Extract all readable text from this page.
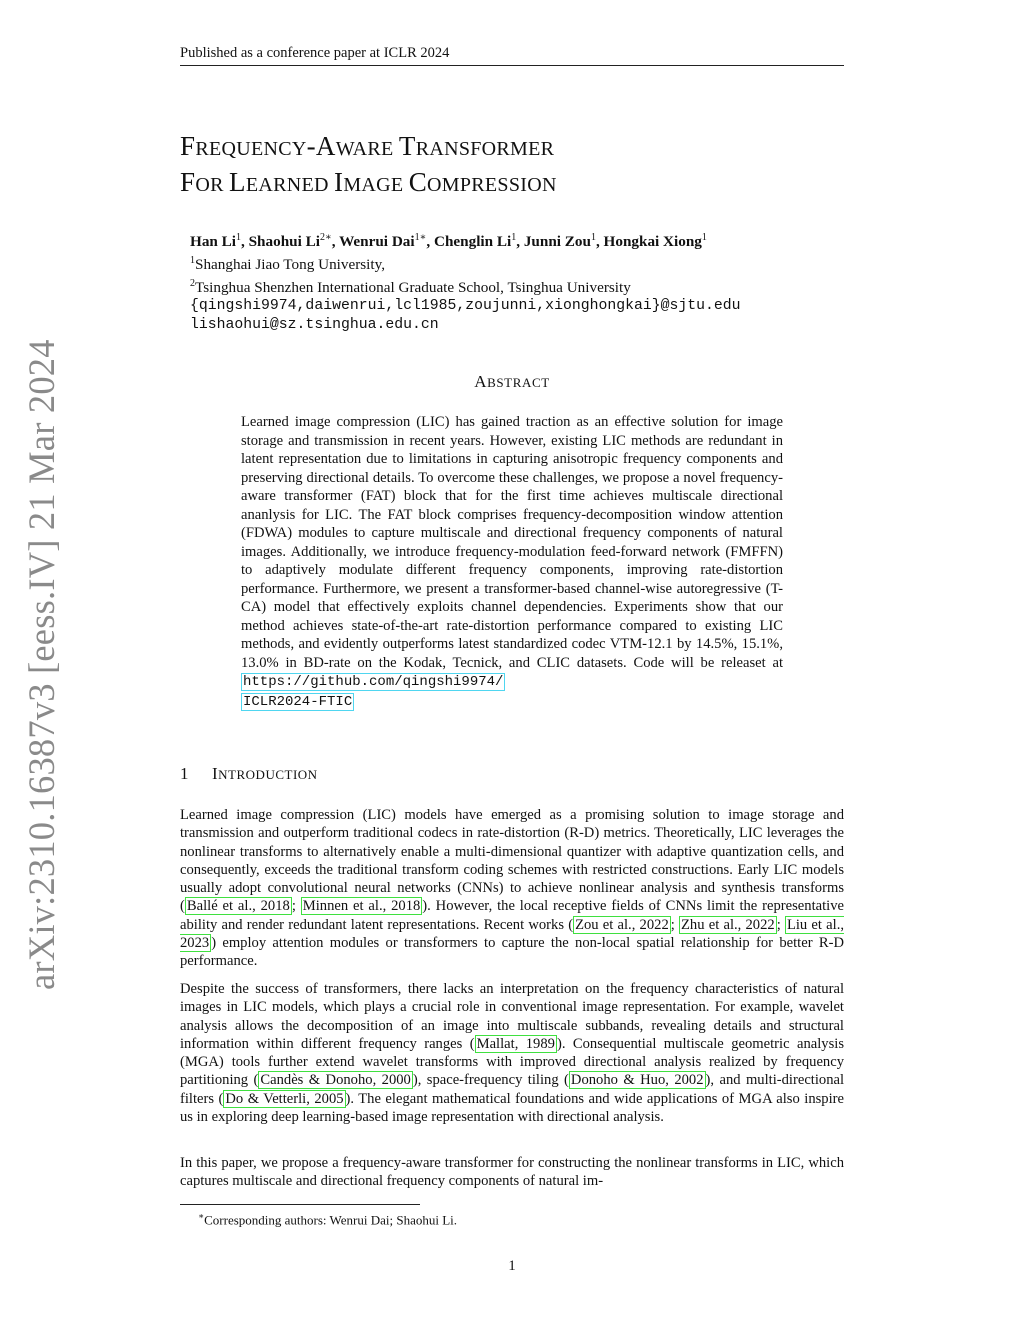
Published as a conference paper at ICLR 2024
arXiv:2310.16387v3 [eess.IV] 21 Mar 2024
FREQUENCY-AWARE TRANSFORMER
FOR LEARNED IMAGE COMPRESSION
Han Li$^1$, Shaohui $Li^{2∗}$, Wenrui Dai$^{1∗}$, Chenglin Li$^1$, Junni Zou$^1$, Hongkai Xiong$^1$
$^1$Shanghai Jiao Tong University,
$^2$Tsinghua Shenzhen International Graduate School, Tsinghua University
{qingshi9974,daiwenrui,lcl1985,zoujunni,xionghongkai}@sjtu.edu
lishaohui@sz.tsinghua.edu.cn
ABSTRACT
Learned image compression (LIC) has gained traction as an effective solution for image storage and transmission in recent years. However, existing LIC methods are redundant in latent representation due to limitations in capturing anisotropic frequency components and preserving directional details. To overcome these challenges, we propose a novel frequency-aware transformer (FAT) block that for the first time achieves multiscale directional ananlysis for LIC. The FAT block comprises frequency-decomposition window attention (FDWA) modules to capture multiscale and directional frequency components of natural images. Additionally, we introduce frequency-modulation feed-forward network (FMFFN) to adaptively modulate different frequency components, improving rate-distortion performance. Furthermore, we present a transformer-based channel-wise autoregressive (T-CA) model that effectively exploits channel dependencies. Experiments show that our method achieves state-of-the-art rate-distortion performance compared to existing LIC methods, and evidently outperforms latest standardized codec VTM-12.1 by 14.5%, 15.1%, 13.0% in BD-rate on the Kodak, Tecnick, and CLIC datasets. Code will be releaset at https://github.com/qingshi9974/
ICLR2024-FTIC
1 INTRODUCTION
Learned image compression (LIC) models have emerged as a promising solution to image storage and transmission and outperform traditional codecs in rate-distortion (R-D) metrics. Theoretically, LIC leverages the nonlinear transforms to alternatively enable a multi-dimensional quantizer with adaptive quantization cells, and consequently, exceeds the traditional transform coding schemes with restricted constructions. Early LIC models usually adopt convolutional neural networks (CNNs) to achieve nonlinear analysis and synthesis transforms ( Ballé et al., 2018 ; Minnen et al., 2018 ). However, the local receptive fields of CNNs limit the representative ability and render redundant latent representations. Recent works ( Zou et al., 2022 ; Zhu et al., 2022 ; Liu et al., 2023 ) employ attention modules or transformers to capture the non-local spatial relationship for better R-D performance.
Despite the success of transformers, there lacks an interpretation on the frequency characteristics of natural images in LIC models, which plays a crucial role in conventional image representation. For example, wavelet analysis allows the decomposition of an image into multiscale subbands, revealing details and structural information within different frequency ranges ( Mallat, 1989 ). Consequential multiscale geometric analysis (MGA) tools further extend wavelet transforms with improved directional analysis realized by frequency partitioning ( Candès & Donoho, 2000 ), space-frequency tiling ( Donoho & Huo, 2002 ), and multi-directional filters ( Do & Vetterli, 2005 ). The elegant mathematical foundations and wide applications of MGA also inspire us in exploring deep learning-based image representation with directional analysis.
In this paper, we propose a frequency-aware transformer for constructing the nonlinear transforms in LIC, which captures multiscale and directional frequency components of natural im-
∗Corresponding authors: Wenrui Dai; Shaohui Li.
1
